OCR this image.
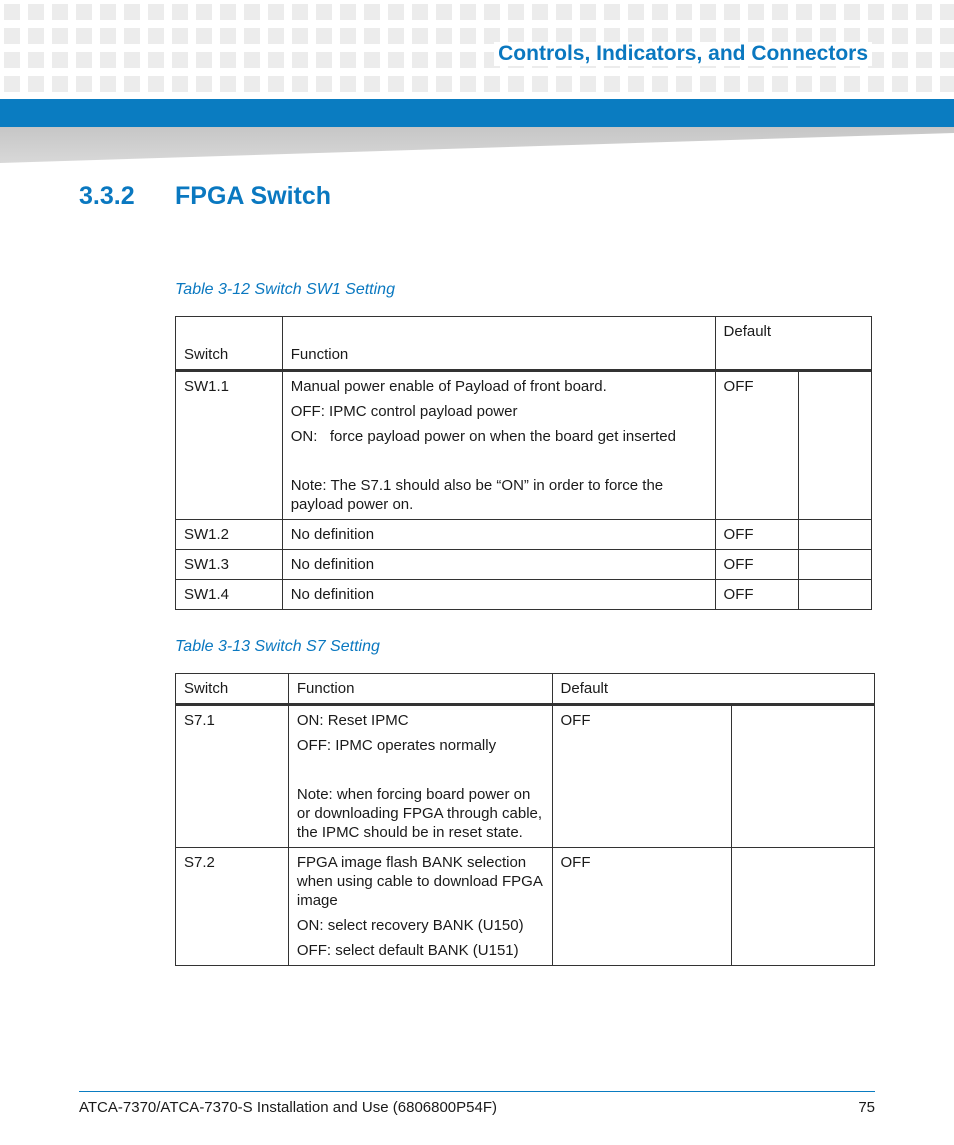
Controls, Indicators, and Connectors
3.3.2 FPGA Switch
Table 3-12 Switch SW1 Setting
Switch	Function	Default	
SW1.1	Manual power enable of Payload of front board.
OFF: IPMC control payload power
ON:   force payload power on when the board get inserted
Note: The S7.1 should also be “ON” in order to force the payload power on.	OFF	
SW1.2	No definition	OFF	
SW1.3	No definition	OFF	
SW1.4	No definition	OFF	
Table 3-13 Switch S7 Setting
Switch	Function	Default	
S7.1	ON: Reset IPMC
OFF: IPMC operates normally
Note: when forcing board power on or downloading FPGA through cable, the IPMC should be in reset state.	OFF	
S7.2	FPGA image flash BANK selection when using cable to download FPGA image
ON: select recovery BANK (U150)
OFF: select default BANK (U151)	OFF	
ATCA-7370/ATCA-7370-S Installation and Use (6806800P54F)	75
